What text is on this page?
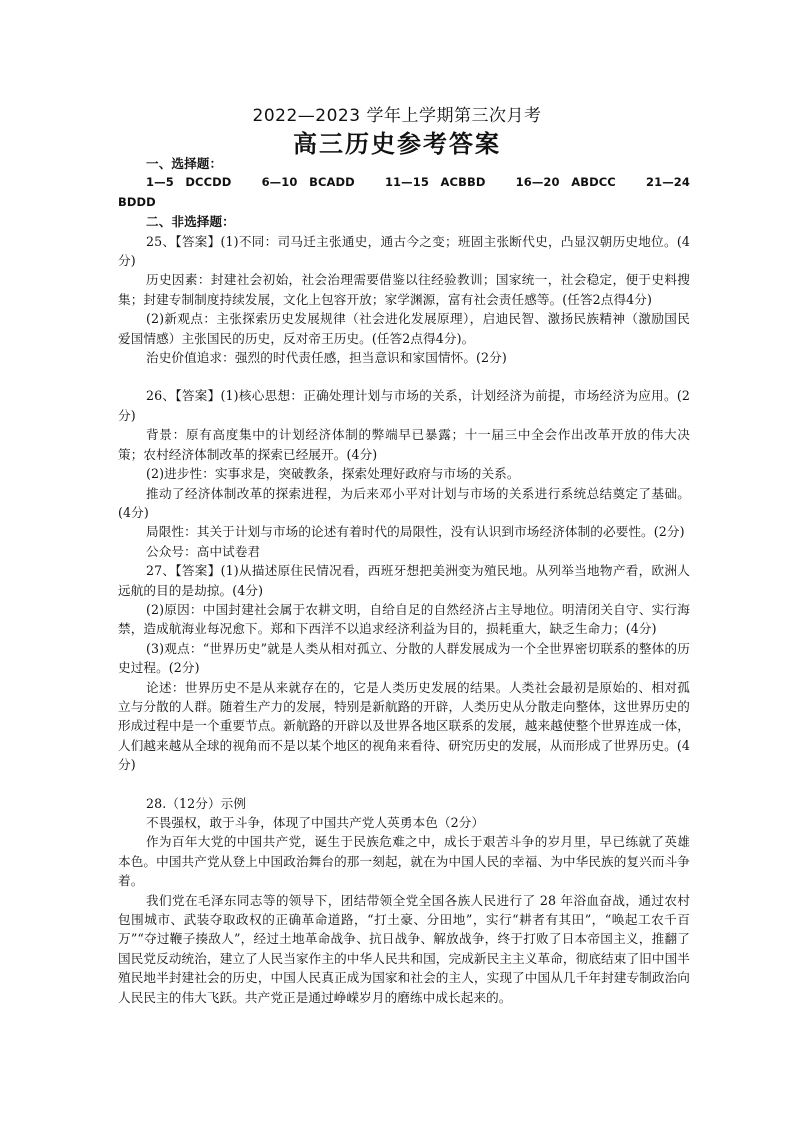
2022—2023 学年上学期第三次月考
高三历史参考答案

一、选择题：

1—5　DCCDD	6—10　BCADD	11—15　ACBBD	16—20　ABDCC	21—24

BDDD

二、非选择题：

25、【答案】(1)不同：司马迁主张通史，通古今之变；班固主张断代史，凸显汉朝历史地位。(4分)

历史因素：封建社会初始，社会治理需要借鉴以往经验教训；国家统一，社会稳定，便于史料搜集；封建专制制度持续发展，文化上包容开放；家学渊源，富有社会责任感等。(任答2点得4分)

(2)新观点：主张探索历史发展规律（社会进化发展原理），启迪民智、激扬民族精神（激励国民爱国情感）主张国民的历史，反对帝王历史。(任答2点得4分)。

治史价值追求：强烈的时代责任感，担当意识和家国情怀。(2分)

26、【答案】(1)核心思想：正确处理计划与市场的关系，计划经济为前提，市场经济为应用。(2分)

背景：原有高度集中的计划经济体制的弊端早已暴露；十一届三中全会作出改革开放的伟大决策；农村经济体制改革的探索已经展开。(4分)

(2)进步性：实事求是，突破教条，探索处理好政府与市场的关系。

推动了经济体制改革的探索进程，为后来邓小平对计划与市场的关系进行系统总结奠定了基础。(4分)

局限性：其关于计划与市场的论述有着时代的局限性，没有认识到市场经济体制的必要性。(2分)

公众号：高中试卷君

27、【答案】(1)从描述原住民情况看，西班牙想把美洲变为殖民地。从列举当地物产看，欧洲人远航的目的是劫掠。(4分)

(2)原因：中国封建社会属于农耕文明，自给自足的自然经济占主导地位。明清闭关自守、实行海禁，造成航海业每况愈下。郑和下西洋不以追求经济利益为目的，损耗重大，缺乏生命力；(4分)

(3)观点：“世界历史”就是人类从相对孤立、分散的人群发展成为一个全世界密切联系的整体的历史过程。(2分)

论述：世界历史不是从来就存在的，它是人类历史发展的结果。人类社会最初是原始的、相对孤立与分散的人群。随着生产力的发展，特别是新航路的开辟，人类历史从分散走向整体，这世界历史的形成过程中是一个重要节点。新航路的开辟以及世界各地区联系的发展，越来越使整个世界连成一体，人们越来越从全球的视角而不是以某个地区的视角来看待、研究历史的发展，从而形成了世界历史。(4分)

28.（12分）示例

不畏强权，敢于斗争，体现了中国共产党人英勇本色（2分）

作为百年大党的中国共产党，诞生于民族危难之中，成长于艰苦斗争的岁月里，早已练就了英雄本色。中国共产党从登上中国政治舞台的那一刻起，就在为中国人民的幸福、为中华民族的复兴而斗争着。

我们党在毛泽东同志等的领导下，团结带领全党全国各族人民进行了 28 年浴血奋战，通过农村包围城市、武装夺取政权的正确革命道路，“打土豪、分田地”，实行“耕者有其田”，“唤起工农千百万”“夺过鞭子揍敌人”，经过土地革命战争、抗日战争、解放战争，终于打败了日本帝国主义，推翻了国民党反动统治，建立了人民当家作主的中华人民共和国，完成新民主主义革命，彻底结束了旧中国半殖民地半封建社会的历史，中国人民真正成为国家和社会的主人，实现了中国从几千年封建专制政治向人民民主的伟大飞跃。共产党正是通过峥嵘岁月的磨练中成长起来的。
